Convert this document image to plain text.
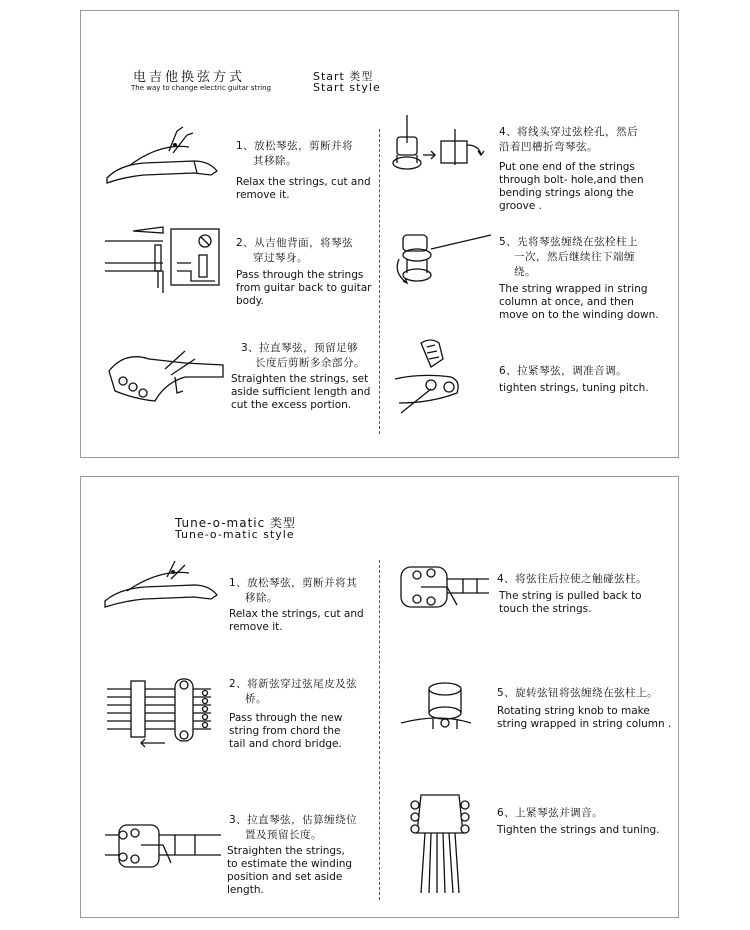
电吉他换弦方式
The way to change electric guitar string
Start 类型
Start style
1、放松琴弦，剪断并将
其移除。
Relax the strings, cut and
remove it.
2、从吉他背面，将琴弦
穿过琴身。
Pass through the strings
from guitar back to guitar
body.
3、拉直琴弦，预留足够
长度后剪断多余部分。
Straighten the strings, set
aside sufficient length and
cut the excess portion.
4、将线头穿过弦栓孔，然后
沿着凹槽折弯琴弦。
Put one end of the strings
through bolt- hole,and then
bending strings along the
groove .
5、先将琴弦缠绕在弦栓柱上
一次，然后继续往下端缠
绕。
The string wrapped in string
column at once, and then
move on to the winding down.
6、拉紧琴弦，调准音调。
tighten strings, tuning pitch.
Tune-o-matic 类型
Tune-o-matic style
1、放松琴弦，剪断并将其
移除。
Relax the strings, cut and
remove it.
2、将新弦穿过弦尾皮及弦
桥。
Pass through the new
string from chord the
tail and chord bridge.
3、拉直琴弦，估算缠绕位
置及预留长度。
Straighten the strings,
to estimate the winding
position and set aside
length.
4、将弦往后拉使之触碰弦柱。
The string is pulled back to
touch the strings.
5、旋转弦钮将弦缠绕在弦柱上。
Rotating string knob to make
string wrapped in string column .
6、上紧琴弦并调音。
Tighten the strings and tuning.
